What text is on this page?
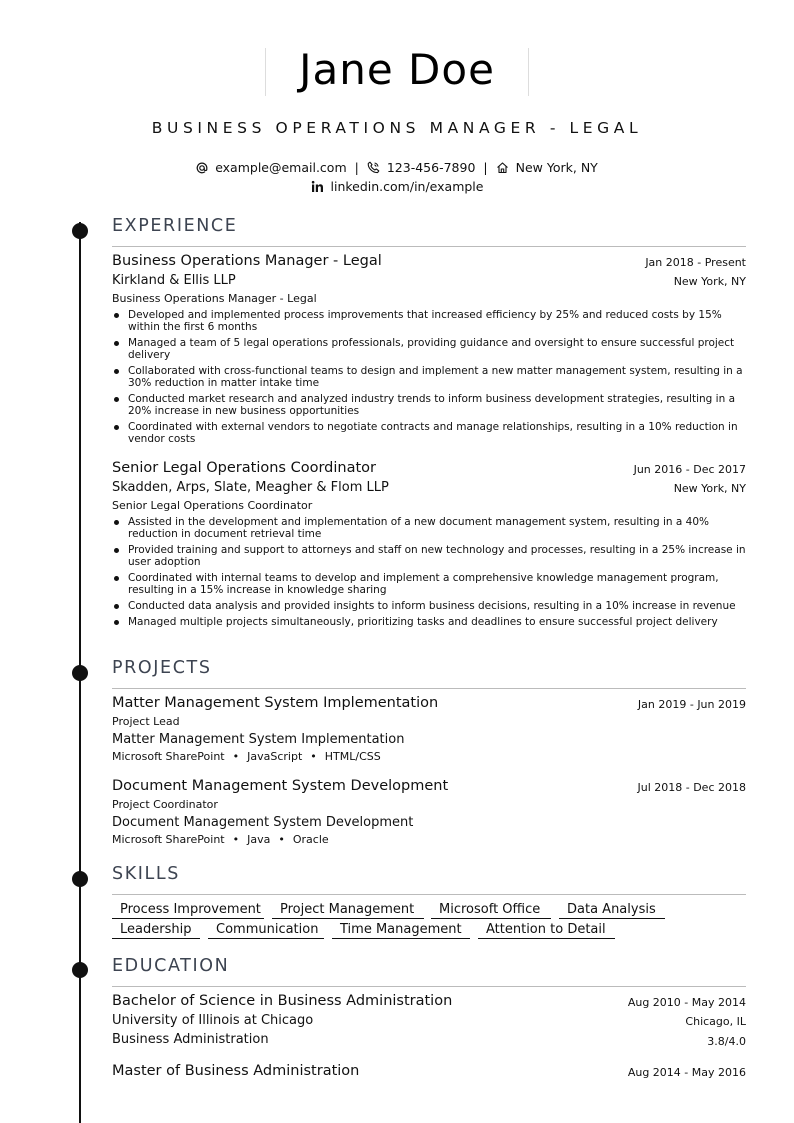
Jane Doe
BUSINESS OPERATIONS MANAGER - LEGAL
example@email.com | 123-456-7890 | New York, NY
linkedin.com/in/example
EXPERIENCE
Business Operations Manager - Legal	Jan 2018 - Present
Kirkland & Ellis LLP	New York, NY
Business Operations Manager - Legal
Developed and implemented process improvements that increased efficiency by 25% and reduced costs by 15% within the first 6 months
Managed a team of 5 legal operations professionals, providing guidance and oversight to ensure successful project delivery
Collaborated with cross-functional teams to design and implement a new matter management system, resulting in a 30% reduction in matter intake time
Conducted market research and analyzed industry trends to inform business development strategies, resulting in a 20% increase in new business opportunities
Coordinated with external vendors to negotiate contracts and manage relationships, resulting in a 10% reduction in vendor costs
Senior Legal Operations Coordinator	Jun 2016 - Dec 2017
Skadden, Arps, Slate, Meagher & Flom LLP	New York, NY
Senior Legal Operations Coordinator
Assisted in the development and implementation of a new document management system, resulting in a 40% reduction in document retrieval time
Provided training and support to attorneys and staff on new technology and processes, resulting in a 25% increase in user adoption
Coordinated with internal teams to develop and implement a comprehensive knowledge management program, resulting in a 15% increase in knowledge sharing
Conducted data analysis and provided insights to inform business decisions, resulting in a 10% increase in revenue
Managed multiple projects simultaneously, prioritizing tasks and deadlines to ensure successful project delivery
PROJECTS
Matter Management System Implementation	Jan 2019 - Jun 2019
Project Lead
Matter Management System Implementation
Microsoft SharePoint • JavaScript • HTML/CSS
Document Management System Development	Jul 2018 - Dec 2018
Project Coordinator
Document Management System Development
Microsoft SharePoint • Java • Oracle
SKILLS
Process Improvement	Project Management	Microsoft Office	Data Analysis
Leadership	Communication	Time Management	Attention to Detail
EDUCATION
Bachelor of Science in Business Administration	Aug 2010 - May 2014
University of Illinois at Chicago	Chicago, IL
Business Administration	3.8/4.0
Master of Business Administration	Aug 2014 - May 2016
